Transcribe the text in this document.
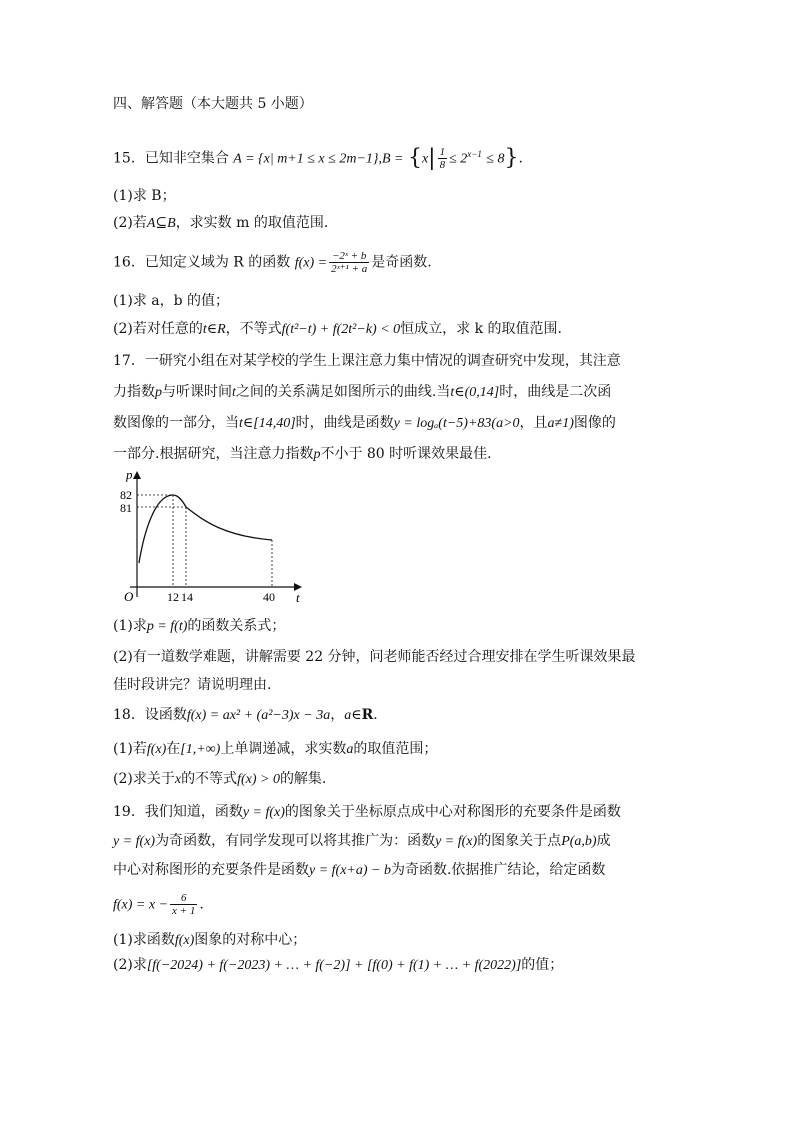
四、解答题（本大题共 5 小题）
15．已知非空集合 A = {x| $m+1 \le x \le 2m-1\},B = \{x| \frac{1}{8} \le 2^{x-1} \le 8\}$.
(1)求 B；
(2)若A⊆B，求实数 m 的取值范围.
16．已知定义域为 R 的函数 $f(x) = \frac{\text{−2ˣ + b}}{\text{2ˣ⁺¹ + a}}$ 是奇函数.
(1)求 a，b 的值；
(2)若对任意的t∈R，不等式f(t²−t) + f(2t²−k) < 0恒成立，求 k 的取值范围.
17．一研究小组在对某学校的学生上课注意力集中情况的调查研究中发现，其注意
力指数p与听课时间t之间的关系满足如图所示的曲线.当t∈(0,14]时，曲线是二次函
数图像的一部分，当t∈[14,40]时，曲线是函数y = logₐ(t−5)+83(a>0，且a≠1)图像的
一部分.根据研究，当注意力指数p不小于 80 时听课效果最佳.
p
t
O
82
81
12 14	40
(1)求p = f(t)的函数关系式；
(2)有一道数学难题，讲解需要 22 分钟，问老师能否经过合理安排在学生听课效果最
佳时段讲完？请说明理由.
18．设函数f(x) = ax² + (a²−3)x − 3a，a∈R.
(1)若f(x)在[1,+∞)上单调递减，求实数a的取值范围；
(2)求关于x的不等式f(x) > 0的解集.
19．我们知道，函数y = f(x)的图象关于坐标原点成中心对称图形的充要条件是函数
y = f(x)为奇函数，有同学发现可以将其推广为：函数y = f(x)的图象关于点P(a,b)成
中心对称图形的充要条件是函数y = f(x+a) − b为奇函数.依据推广结论，给定函数
$f(x) = x - \frac{6}{x + 1}$ .
(1)求函数f(x)图象的对称中心；
(2)求[f(−2024) + f(−2023) + … + f(−2)] + [f(0) + f(1) + … + f(2022)]的值；
